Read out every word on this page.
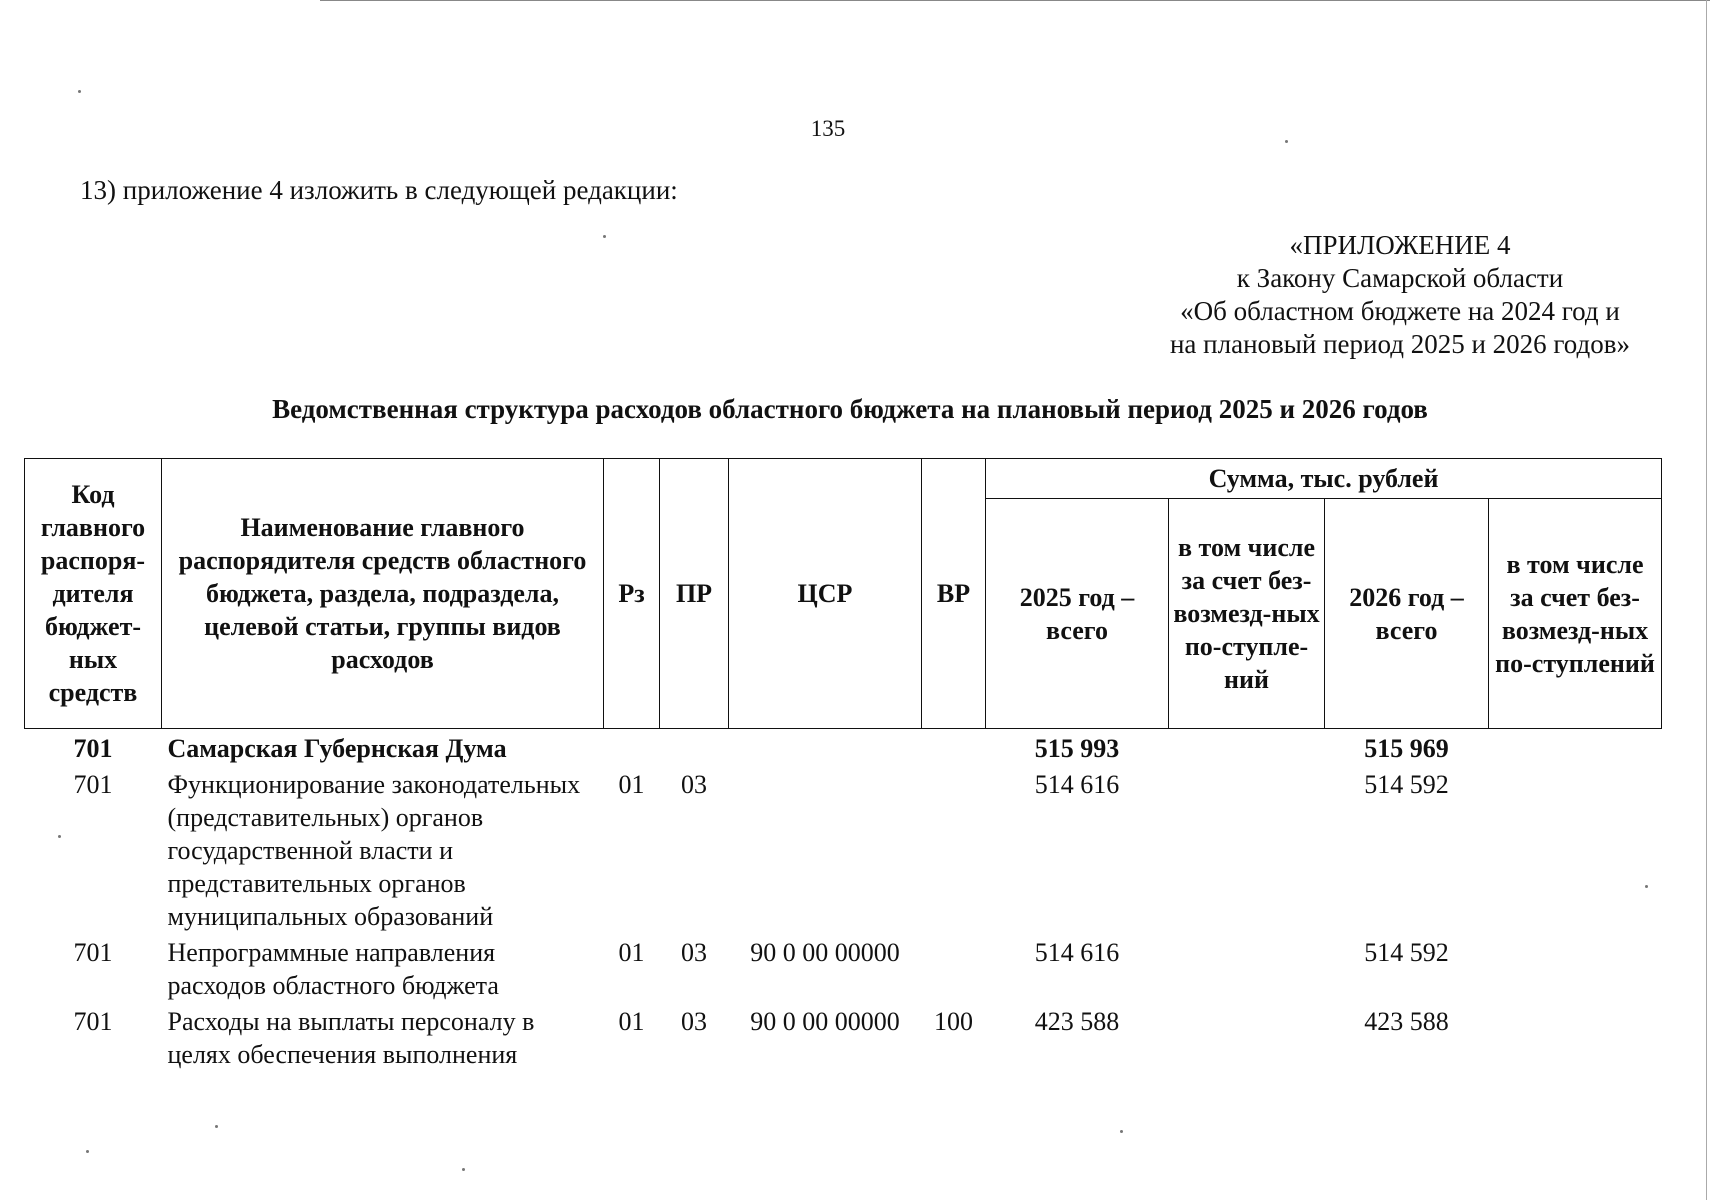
135
13) приложение 4 изложить в следующей редакции:
«ПРИЛОЖЕНИЕ 4
к Закону Самарской области
«Об областном бюджете на 2024 год и
на плановый период 2025 и 2026 годов»
Ведомственная структура расходов областного бюджета на плановый период 2025 и 2026 годов
Код главного распоря-дителя бюджет-ных средств	Наименование главного распорядителя средств областного бюджета, раздела, подраздела, целевой статьи, группы видов расходов	Рз	ПР	ЦСР	ВР	Сумма, тыс. рублей			
						2025 год – всего	в том числе за счет без-возмезд-ных по-ступле-ний	2026 год – всего	в том числе за счет без-возмезд-ных по-ступлений
701	Самарская Губернская Дума					515 993		515 969	
701	Функционирование законодательных (представительных) органов государственной власти и представительных органов муниципальных образований	01	03			514 616		514 592	
701	Непрограммные направления расходов областного бюджета	01	03	90 0 00 00000		514 616		514 592	
701	Расходы на выплаты персоналу в целях обеспечения выполнения	01	03	90 0 00 00000	100	423 588		423 588	
